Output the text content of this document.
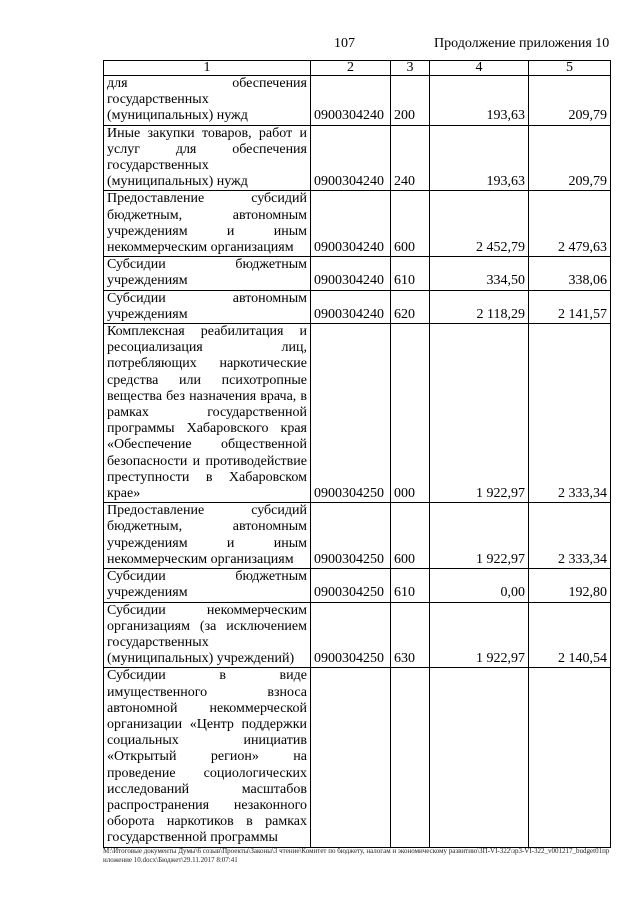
107	Продолжение приложения 10
1	2	3	4	5
для обеспечения государственных (муниципальных) нужд	0900304240	200	193,63	209,79
Иные закупки товаров, работ и услуг для обеспечения государственных (муниципальных) нужд	0900304240	240	193,63	209,79
Предоставление субсидий бюджетным, автономным учреждениям и иным некоммерческим организациям	0900304240	600	2 452,79	2 479,63
Субсидии бюджетным учреждениям	0900304240	610	334,50	338,06
Субсидии автономным учреждениям	0900304240	620	2 118,29	2 141,57
Комплексная реабилитация и ресоциализация лиц, потребляющих наркотические средства или психотропные вещества без назначения врача, в рамках государственной программы Хабаровского края «Обеспечение общественной безопасности и противодействие преступности в Хабаровском крае»	0900304250	000	1 922,97	2 333,34
Предоставление субсидий бюджетным, автономным учреждениям и иным некоммерческим организациям	0900304250	600	1 922,97	2 333,34
Субсидии бюджетным учреждениям	0900304250	610	0,00	192,80
Субсидии некоммерческим организациям (за исключением государственных (муниципальных) учреждений)	0900304250	630	1 922,97	2 140,54
Субсидии в виде имущественного взноса автономной некоммерческой организации «Центр поддержки социальных инициатив «Открытый регион» на проведение социологических исследований масштабов распространения незаконного оборота наркотиков в рамках государственной программы				
M:\Итоговые документы Думы\6 созыв\Проекты\Законы\3 чтение\Комитет по бюджету, налогам и экономическому развитию\ЗП-VI-322\зр3-VI-322_v001217_budget01приложение 10.docx\Бюджет\29.11.2017 8:07:41
